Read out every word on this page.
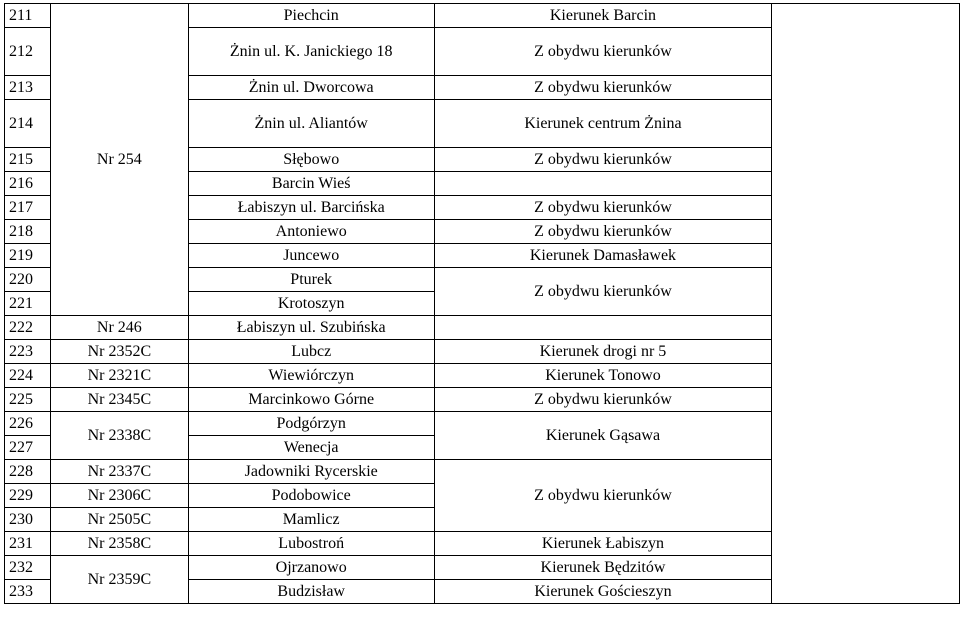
211	Nr 254	Piechcin	Kierunek Barcin	
212		Żnin ul. K. Janickiego 18	Z obydwu kierunków	
213		Żnin ul. Dworcowa	Z obydwu kierunków	
214		Żnin ul. Aliantów	Kierunek centrum Żnina	
215		Słębowo	Z obydwu kierunków	
216		Barcin Wieś		
217		Łabiszyn ul. Barcińska	Z obydwu kierunków	
218		Antoniewo	Z obydwu kierunków	
219		Juncewo	Kierunek Damasławek	
220		Pturek	Z obydwu kierunków	
221		Krotoszyn		
222	Nr 246	Łabiszyn ul. Szubińska		
223	Nr 2352C	Lubcz	Kierunek drogi nr 5	
224	Nr 2321C	Wiewiórczyn	Kierunek Tonowo	
225	Nr 2345C	Marcinkowo Górne	Z obydwu kierunków	
226	Nr 2338C	Podgórzyn	Kierunek Gąsawa	
227		Wenecja		
228	Nr 2337C	Jadowniki Rycerskie	Z obydwu kierunków	
229	Nr 2306C	Podobowice		
230	Nr 2505C	Mamlicz		
231	Nr 2358C	Lubostroń	Kierunek Łabiszyn	
232	Nr 2359C	Ojrzanowo	Kierunek Będzitów	
233		Budzisław	Kierunek Gościeszyn	
